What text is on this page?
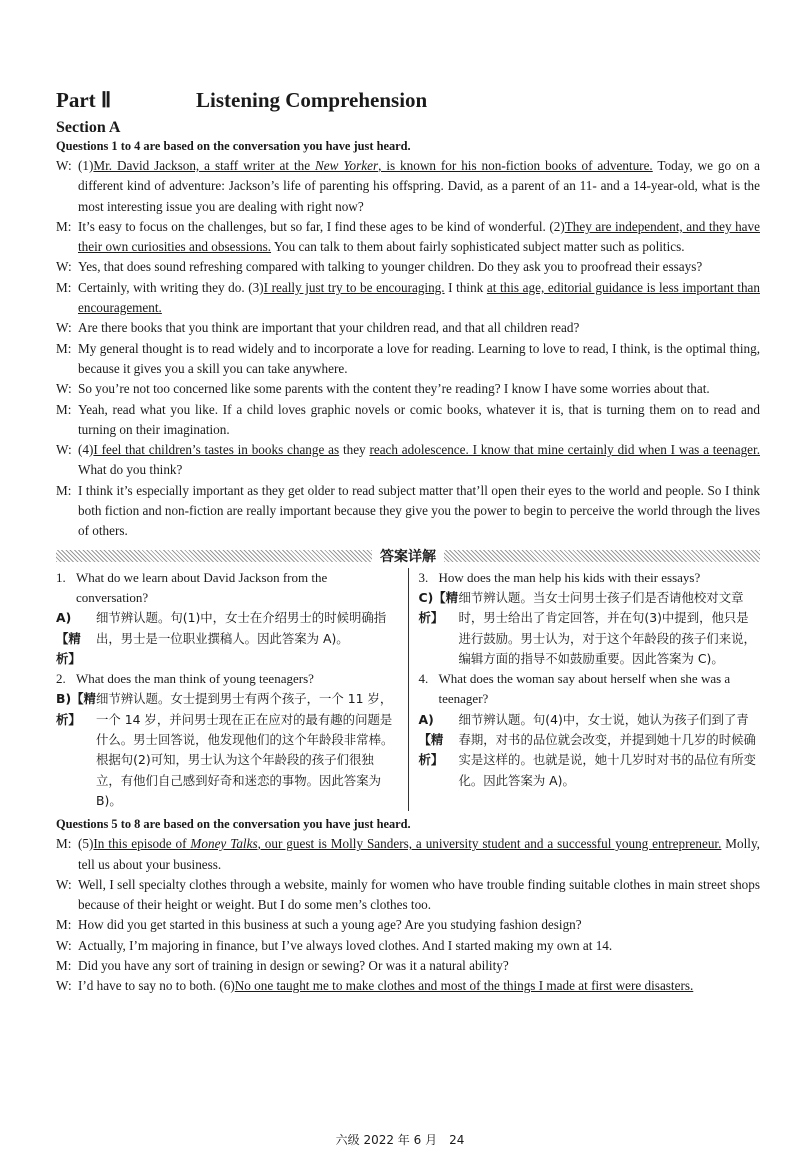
Part Ⅱ	Listening Comprehension
Section A
Questions 1 to 4 are based on the conversation you have just heard.
W: (1)Mr. David Jackson, a staff writer at the New Yorker, is known for his non-fiction books of adventure. Today, we go on a different kind of adventure: Jackson’s life of parenting his offspring. David, as a parent of an 11- and a 14-year-old, what is the most interesting issue you are dealing with right now?
M: It’s easy to focus on the challenges, but so far, I find these ages to be kind of wonderful. (2)They are independent, and they have their own curiosities and obsessions. You can talk to them about fairly sophisticated subject matter such as politics.
W: Yes, that does sound refreshing compared with talking to younger children. Do they ask you to proofread their essays?
M: Certainly, with writing they do. (3)I really just try to be encouraging. I think at this age, editorial guidance is less important than encouragement.
W: Are there books that you think are important that your children read, and that all children read?
M: My general thought is to read widely and to incorporate a love for reading. Learning to love to read, I think, is the optimal thing, because it gives you a skill you can take anywhere.
W: So you’re not too concerned like some parents with the content they’re reading? I know I have some worries about that.
M: Yeah, read what you like. If a child loves graphic novels or comic books, whatever it is, that is turning them on to read and turning on their imagination.
W: (4)I feel that children’s tastes in books change as they reach adolescence. I know that mine certainly did when I was a teenager. What do you think?
M: I think it’s especially important as they get older to read subject matter that’ll open their eyes to the world and people. So I think both fiction and non-fiction are really important because they give you the power to begin to perceive the world through the lives of others.
答案详解
1. What do we learn about David Jackson from the conversation?
A)【精析】
细节辨认题。句(1)中，女士在介绍男士的时候明确指出，男士是一位职业撰稿人。因此答案为 A)。
2. What does the man think of young teenagers?
B)【精析】
细节辨认题。女士提到男士有两个孩子，一个 11 岁，一个 14 岁，并问男士现在正在应对的最有趣的问题是什么。男士回答说，他发现他们的这个年龄段非常棒。根据句(2)可知，男士认为这个年龄段的孩子们很独立，有他们自己感到好奇和迷恋的事物。因此答案为 B)。
3. How does the man help his kids with their essays?
C)【精析】
细节辨认题。当女士问男士孩子们是否请他校对文章时，男士给出了肯定回答，并在句(3)中提到，他只是进行鼓励。男士认为，对于这个年龄段的孩子们来说，编辑方面的指导不如鼓励重要。因此答案为 C)。
4. What does the woman say about herself when she was a teenager?
A)【精析】
细节辨认题。句(4)中，女士说，她认为孩子们到了青春期，对书的品位就会改变，并提到她十几岁的时候确实是这样的。也就是说，她十几岁时对书的品位有所变化。因此答案为 A)。
Questions 5 to 8 are based on the conversation you have just heard.
M: (5)In this episode of Money Talks, our guest is Molly Sanders, a university student and a successful young entrepreneur. Molly, tell us about your business.
W: Well, I sell specialty clothes through a website, mainly for women who have trouble finding suitable clothes in main street shops because of their height or weight. But I do some men’s clothes too.
M: How did you get started in this business at such a young age? Are you studying fashion design?
W: Actually, I’m majoring in finance, but I’ve always loved clothes. And I started making my own at 14.
M: Did you have any sort of training in design or sewing? Or was it a natural ability?
W: I’d have to say no to both. (6)No one taught me to make clothes and most of the things I made at first were disasters.
六级 2022 年 6 月　24
